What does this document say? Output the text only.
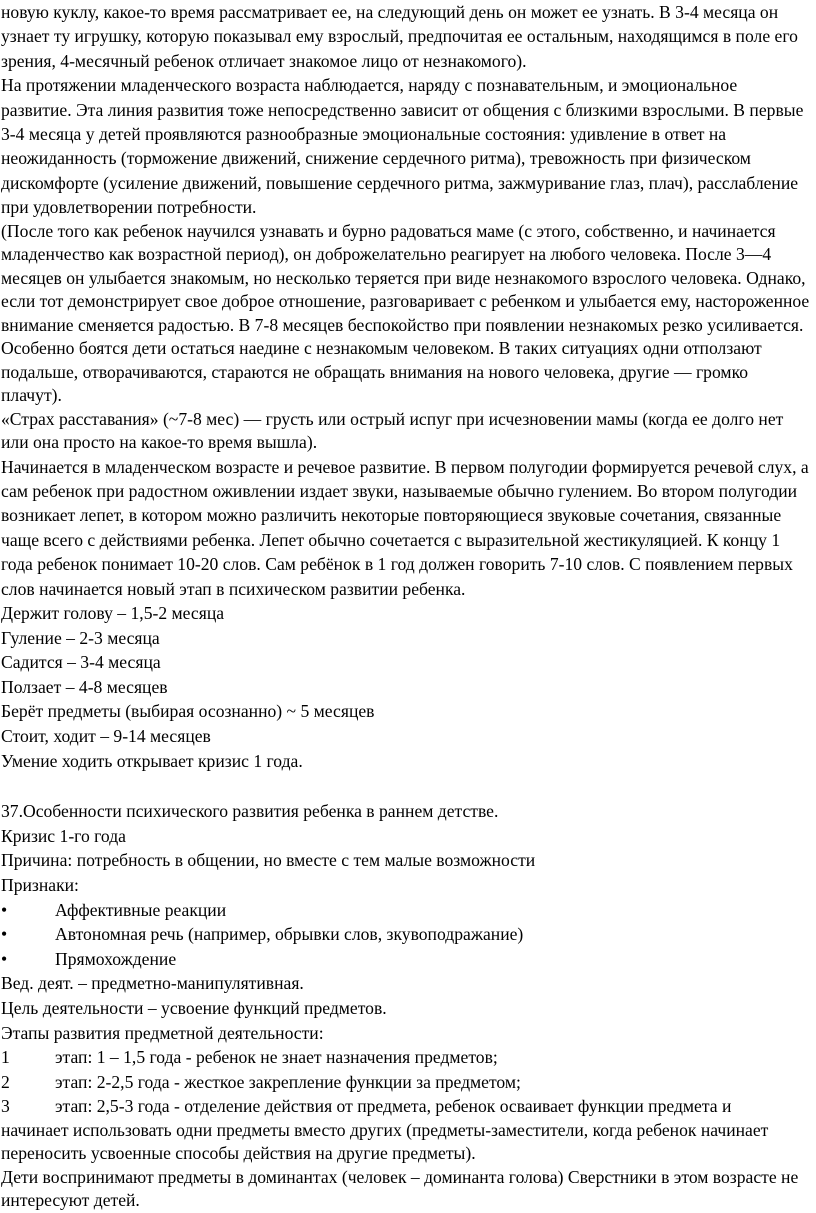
новую куклу, какое-то время рассматривает ее, на следующий день он может ее узнать. В 3-4 месяца он узнает ту игрушку, которую показывал ему взрослый, предпочитая ее остальным, находящимся в поле его зрения, 4-месячный ребенок отличает знакомое лицо от незнакомого).

На протяжении младенческого возраста наблюдается, наряду с познавательным, и эмоциональное развитие. Эта линия развития тоже непосредственно зависит от общения с близкими взрослыми. В первые 3-4 месяца у детей проявляются разнообразные эмоциональные состояния: удивление в ответ на неожиданность (торможение движений, снижение сердечного ритма), тревожность при физическом дискомфорте (усиление движений, повышение сердечного ритма, зажмуривание глаз, плач), расслабление при удовлетворении потребности.

(После того как ребенок научился узнавать и бурно радоваться маме (с этого, собственно, и начинается младенчество как возрастной период), он доброжелательно реагирует на любого человека. После 3—4 месяцев он улыбается знакомым, но несколько теряется при виде незнакомого взрослого человека. Однако, если тот демонстрирует свое доброе отношение, разговаривает с ребенком и улыбается ему, настороженное внимание сменяется радостью. В 7-8 месяцев беспокойство при появлении незнакомых резко усиливается. Особенно боятся дети остаться наедине с незнакомым человеком. В таких ситуациях одни отползают подальше, отворачиваются, стараются не обращать внимания на нового человека, другие — громко плачут).

«Страх расставания» (~7-8 мес) — грусть или острый испуг при исчезновении мамы (когда ее долго нет или она просто на какое-то время вышла).

Начинается в младенческом возрасте и речевое развитие. В первом полугодии формируется речевой слух, а сам ребенок при радостном оживлении издает звуки, называемые обычно гулением. Во втором полугодии возникает лепет, в котором можно различить некоторые повторяющиеся звуковые сочетания, связанные чаще всего с действиями ребенка. Лепет обычно сочетается с выразительной жестикуляцией. К концу 1 года ребенок понимает 10-20 слов. Сам ребёнок в 1 год должен говорить 7-10 слов. С появлением первых слов начинается новый этап в психическом развитии ребенка.

Держит голову – 1,5-2 месяца

Гуление – 2-3 месяца

Садится – 3-4 месяца

Ползает – 4-8 месяцев

Берёт предметы (выбирая осознанно) ~ 5 месяцев

Стоит, ходит – 9-14 месяцев

Умение ходить открывает кризис 1 года.

37.Особенности психического развития ребенка в раннем детстве.

Кризис 1-го года

Причина: потребность в общении, но вместе с тем малые возможности

Признаки:

•	Аффективные реакции
•	Автономная речь (например, обрывки слов, зкувоподражание)
•	Прямохождение

Вед. деят. – предметно-манипулятивная.

Цель деятельности – усвоение функций предметов.

Этапы развития предметной деятельности:

1	этап: 1 – 1,5 года - ребенок не знает назначения предметов;
2	этап: 2-2,5 года - жесткое закрепление функции за предметом;
3	этап: 2,5-3 года - отделение действия от предмета, ребенок осваивает функции предмета и

начинает использовать одни предметы вместо других (предметы-заместители, когда ребенок начинает переносить усвоенные способы действия на другие предметы).

Дети воспринимают предметы в доминантах (человек – доминанта голова) Сверстники в этом возрасте не интересуют детей.
